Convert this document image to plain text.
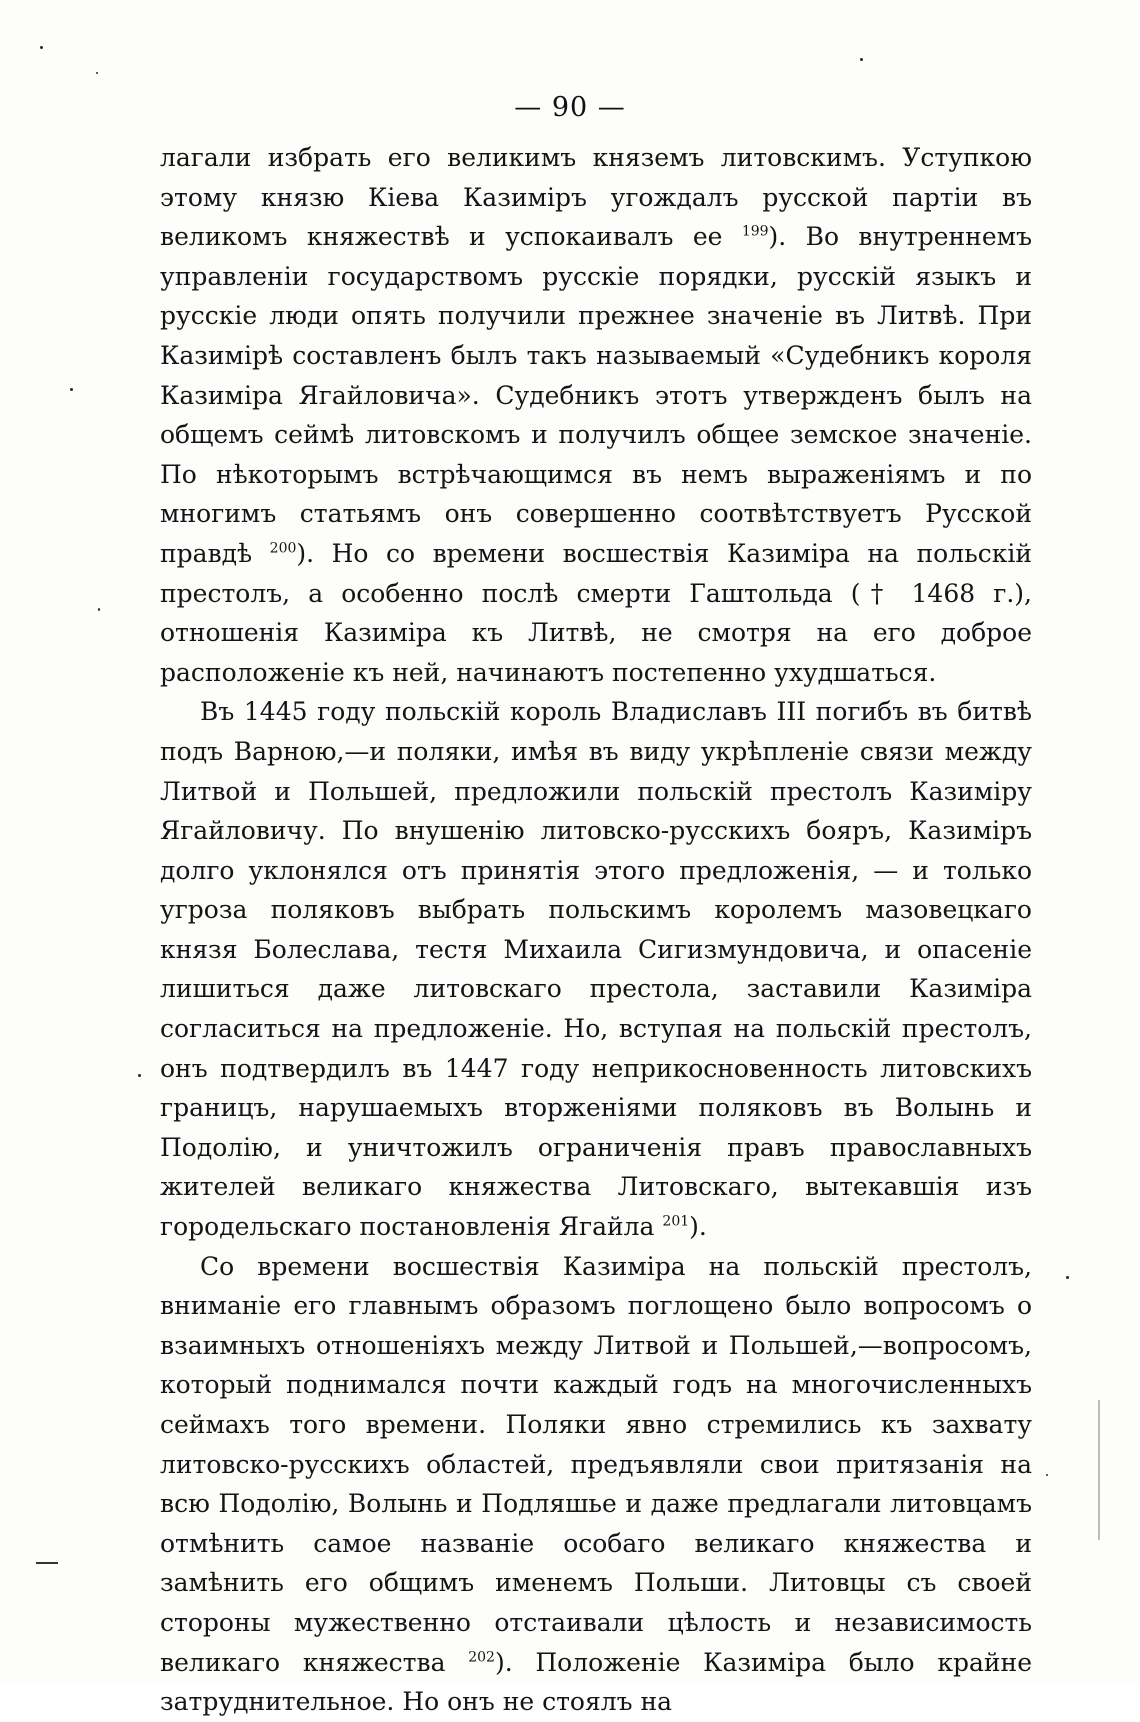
— 90 —

лагали избрать его великимъ княземъ литовскимъ. Уступкою этому князю Кіева Казиміръ угождалъ русской партіи въ великомъ княжествѣ и успокаивалъ ее $^{199}$). Во внутреннемъ управленіи государствомъ русскіе порядки, русскій языкъ и русскіе люди опять получили прежнее значеніе въ Литвѣ. При Казимірѣ составленъ былъ такъ называемый «Судебникъ короля Казиміра Ягайловича». Судебникъ этотъ утвержденъ былъ на общемъ сеймѣ литовскомъ и получилъ общее земское значеніе. По нѣкоторымъ встрѣчающимся въ немъ выраженіямъ и по многимъ статьямъ онъ совершенно соотвѣтствуетъ Русской правдѣ $^{200}$). Но со времени восшествія Казиміра на польскій престолъ, а особенно послѣ смерти Гаштольда († 1468 г.), отношенія Казиміра къ Литвѣ, не смотря на его доброе расположеніе къ ней, начинаютъ постепенно ухудшаться.

Въ 1445 году польскій король Владиславъ III погибъ въ битвѣ подъ Варною,—и поляки, имѣя въ виду укрѣпленіе связи между Литвой и Польшей, предложили польскій престолъ Казиміру Ягайловичу. По внушенію литовско-русскихъ бояръ, Казиміръ долго уклонялся отъ принятія этого предложенія, — и только угроза поляковъ выбрать польскимъ королемъ мазовецкаго князя Болеслава, тестя Михаила Сигизмундовича, и опасеніе лишиться даже литовскаго престола, заставили Казиміра согласиться на предложеніе. Но, вступая на польскій престолъ, онъ подтвердилъ въ 1447 году неприкосновенность литовскихъ границъ, нарушаемыхъ вторженіями поляковъ въ Волынь и Подолію, и уничтожилъ ограниченія правъ православныхъ жителей великаго княжества Литовскаго, вытекавшія изъ городельскаго постановленія Ягайла $^{201}$).

Со времени восшествія Казиміра на польскій престолъ, вниманіе его главнымъ образомъ поглощено было вопросомъ о взаимныхъ отношеніяхъ между Литвой и Польшей,—вопросомъ, который поднимался почти каждый годъ на многочисленныхъ сеймахъ того времени. Поляки явно стремились къ захвату литовско-русскихъ областей, предъявляли свои притязанія на всю Подолію, Волынь и Подляшье и даже предлагали литовцамъ отмѣнить самое названіе особаго великаго княжества и замѣнить его общимъ именемъ Польши. Литовцы съ своей стороны мужественно отстаивали цѣлость и независимость великаго княжества $^{202}$). Положеніе Казиміра было крайне затруднительное. Но онъ не стоялъ на
